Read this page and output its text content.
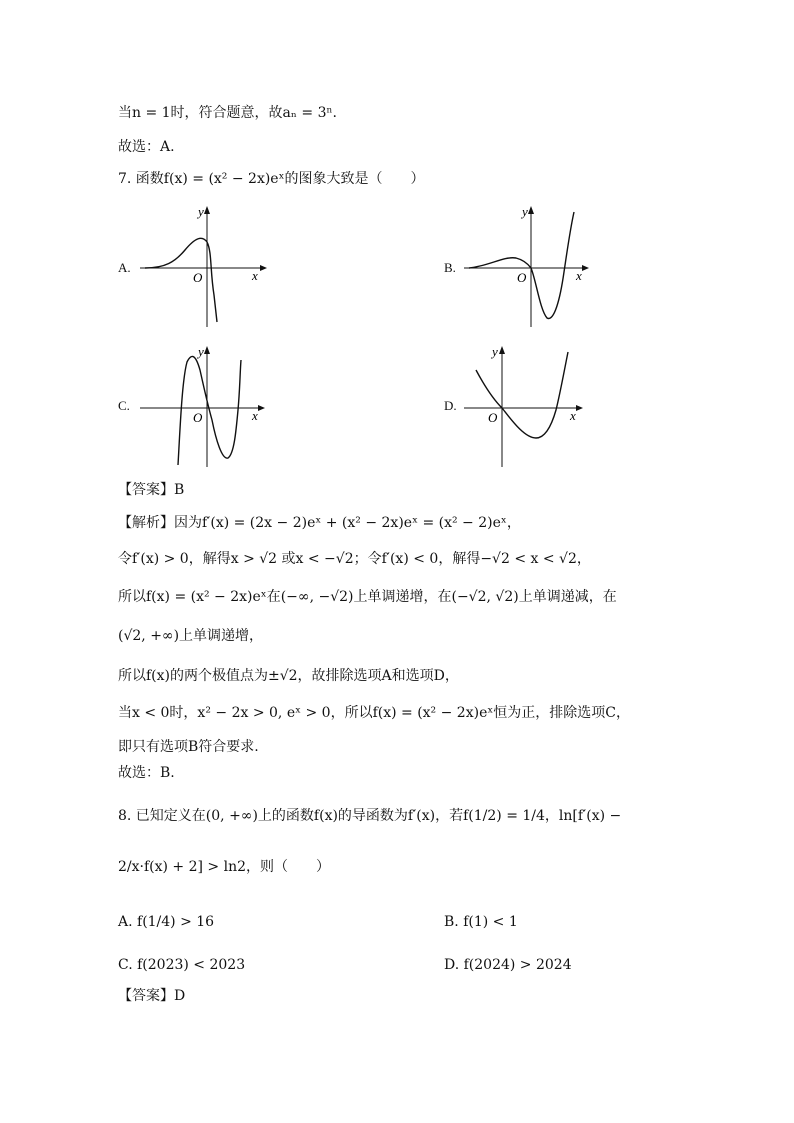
当n = 1时，符合题意，故aₙ = 3ⁿ.
故选：A.
7. 函数f(x) = (x² − 2x)eˣ的图象大致是（　　）
A.
y
x
O
B.
y
x
O
C.
y
x
O
D.
y
x
O
【答案】B
【解析】因为f′(x) = (2x − 2)eˣ + (x² − 2x)eˣ = (x² − 2)eˣ，
令f′(x) > 0，解得x > √2 或x < −√2；令f′(x) < 0，解得−√2 < x < √2，
所以f(x) = (x² − 2x)eˣ在(−∞, −√2)上单调递增，在(−√2, √2)上单调递减，在
(√2, +∞)上单调递增，
所以f(x)的两个极值点为±√2，故排除选项A和选项D，
当x < 0时，x² − 2x > 0, eˣ > 0，所以f(x) = (x² − 2x)eˣ恒为正，排除选项C，
即只有选项B符合要求.
故选：B.
8. 已知定义在(0, +∞)上的函数f(x)的导函数为f′(x)，若f(1/2) = 1/4，ln[f′(x) −
2/x·f(x) + 2] > ln2，则（　　）
A. f(1/4) > 16	B. f(1) < 1
C. f(2023) < 2023	D. f(2024) > 2024
【答案】D
